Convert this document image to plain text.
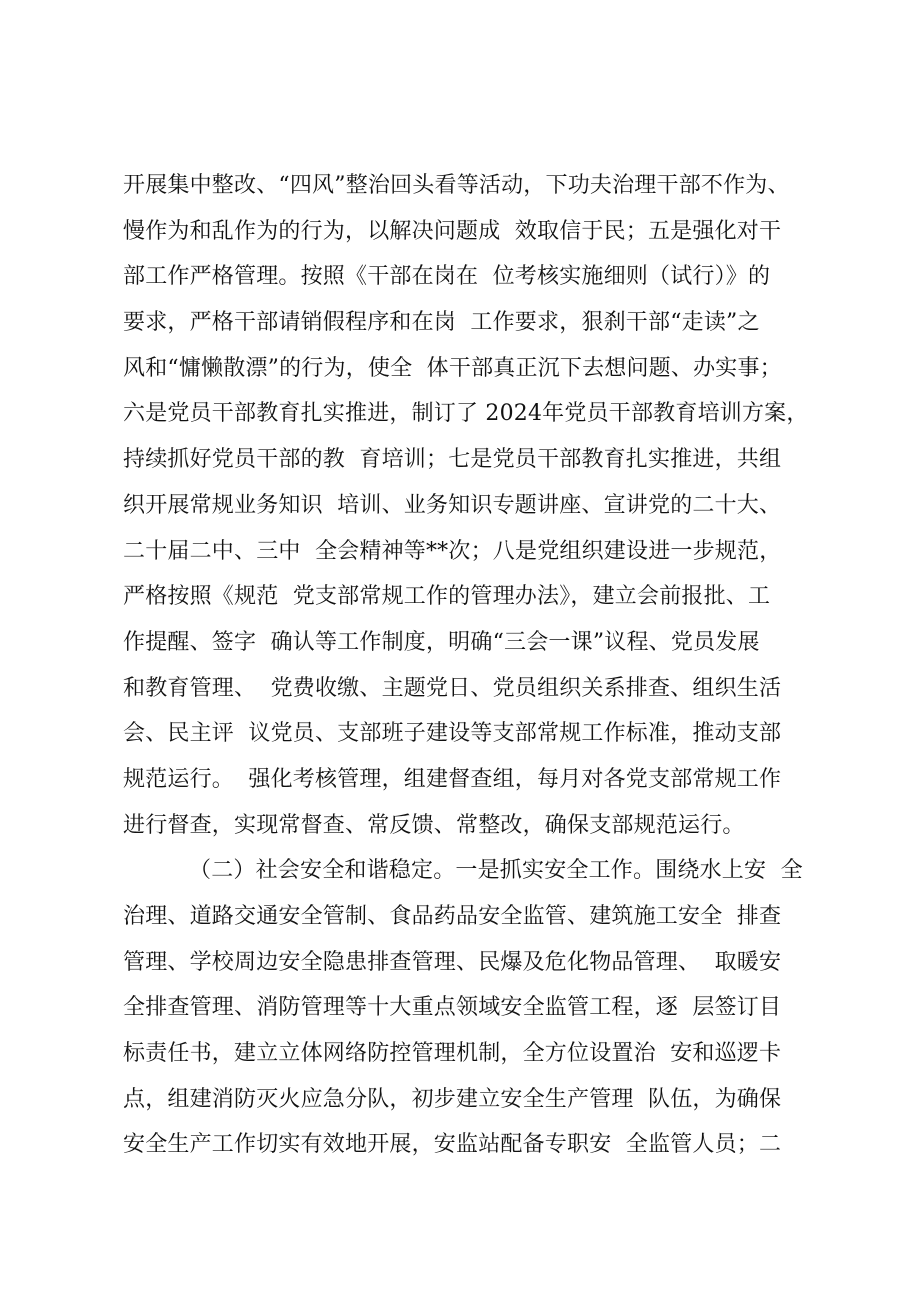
开展集中整改、“四风”整治回头看等活动，下功夫治理干部不作为、
慢作为和乱作为的行为，以解决问题成  效取信于民；五是强化对干
部工作严格管理。按照《干部在岗在  位考核实施细则（试行）》的
要求，严格干部请销假程序和在岗  工作要求，狠刹干部“走读”之
风和“慵懒散漂”的行为，使全  体干部真正沉下去想问题、办实事；
六是党员干部教育扎实推进，制订了 2024年党员干部教育培训方案，
持续抓好党员干部的教  育培训；七是党员干部教育扎实推进，共组
织开展常规业务知识  培训、业务知识专题讲座、宣讲党的二十大、
二十届二中、三中  全会精神等**次；八是党组织建设进一步规范，
严格按照《规范  党支部常规工作的管理办法》，建立会前报批、工
作提醒、签字  确认等工作制度，明确“三会一课”议程、党员发展
和教育管理、  党费收缴、主题党日、党员组织关系排查、组织生活
会、民主评  议党员、支部班子建设等支部常规工作标准，推动支部
规范运行。  强化考核管理，组建督查组，每月对各党支部常规工作
进行督查，实现常督查、常反馈、常整改，确保支部规范运行。
（二）社会安全和谐稳定。一是抓实安全工作。围绕水上安  全
治理、道路交通安全管制、食品药品安全监管、建筑施工安全  排查
管理、学校周边安全隐患排查管理、民爆及危化物品管理、  取暖安
全排查管理、消防管理等十大重点领域安全监管工程，逐  层签订目
标责任书，建立立体网络防控管理机制，全方位设置治  安和巡逻卡
点，组建消防灭火应急分队，初步建立安全生产管理  队伍，为确保
安全生产工作切实有效地开展，安监站配备专职安  全监管人员；二
